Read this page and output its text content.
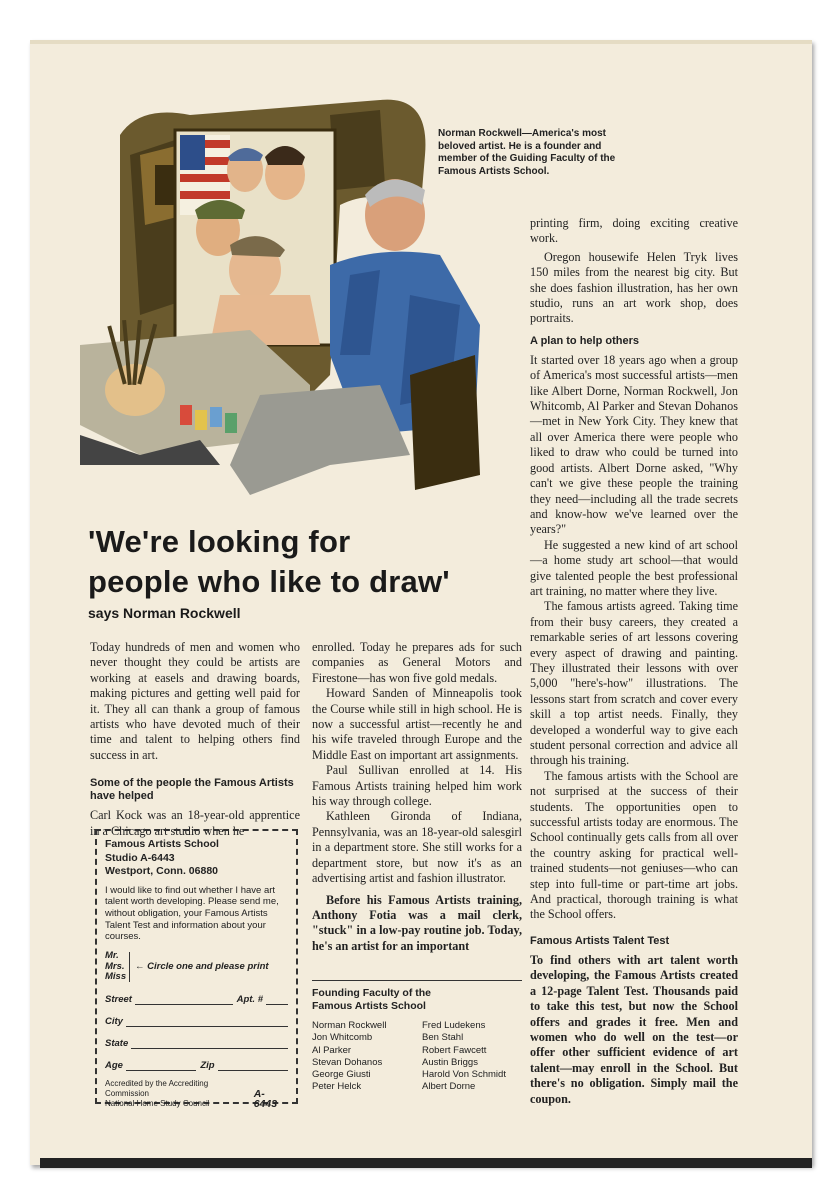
Norman Rockwell—America's most beloved artist. He is a founder and member of the Guiding Faculty of the Famous Artists School.
'We're looking for
people who like to draw'
says Norman Rockwell

Today hundreds of men and women who never thought they could be artists are working at easels and drawing boards, making pictures and getting well paid for it. They all can thank a group of famous artists who have devoted much of their time and talent to helping others find success in art.

Some of the people the Famous Artists have helped

Carl Kock was an 18-year-old apprentice in a Chicago art studio when he

Famous Artists School
Studio A-6443
Westport, Conn. 06880
I would like to find out whether I have art talent worth developing. Please send me, without obligation, your Famous Artists Talent Test and information about your courses.
Mr.
Mrs.
Miss
← Circle one and please print
Street	Apt. #
City
State
Age	Zip
Accredited by the Accrediting Commission
National Home Study Council
A-6443

enrolled. Today he prepares ads for such companies as General Motors and Firestone—has won five gold medals.

Howard Sanden of Minneapolis took the Course while still in high school. He is now a successful artist—recently he and his wife traveled through Europe and the Middle East on important art assignments.

Paul Sullivan enrolled at 14. His Famous Artists training helped him work his way through college.

Kathleen Gironda of Indiana, Pennsylvania, was an 18-year-old salesgirl in a department store. She still works for a department store, but now it's as an advertising artist and fashion illustrator.

Before his Famous Artists training, Anthony Fotia was a mail clerk, "stuck" in a low-pay routine job. Today, he's an artist for an important

Founding Faculty of the
Famous Artists School
Norman Rockwell	Fred Ludekens
Jon Whitcomb	Ben Stahl
Al Parker	Robert Fawcett
Stevan Dohanos	Austin Briggs
George Giusti	Harold Von Schmidt
Peter Helck	Albert Dorne

printing firm, doing exciting creative work.

Oregon housewife Helen Tryk lives 150 miles from the nearest big city. But she does fashion illustration, has her own studio, runs an art work shop, does portraits.

A plan to help others

It started over 18 years ago when a group of America's most successful artists—men like Albert Dorne, Norman Rockwell, Jon Whitcomb, Al Parker and Stevan Dohanos—met in New York City. They knew that all over America there were people who liked to draw who could be turned into good artists. Albert Dorne asked, "Why can't we give these people the training they need—including all the trade secrets and know-how we've learned over the years?"

He suggested a new kind of art school—a home study art school—that would give talented people the best professional art training, no matter where they live.

The famous artists agreed. Taking time from their busy careers, they created a remarkable series of art lessons covering every aspect of drawing and painting. They illustrated their lessons with over 5,000 "here's-how" illustrations. The lessons start from scratch and cover every skill a top artist needs. Finally, they developed a wonderful way to give each student personal correction and advice all through his training.

The famous artists with the School are not surprised at the success of their students. The opportunities open to successful artists today are enormous. The School continually gets calls from all over the country asking for practical well-trained students—not geniuses—who can step into full-time or part-time art jobs. And practical, thorough training is what the School offers.

Famous Artists Talent Test

To find others with art talent worth developing, the Famous Artists created a 12-page Talent Test. Thousands paid to take this test, but now the School offers and grades it free. Men and women who do well on the test—or offer other sufficient evidence of art talent—may enroll in the School. But there's no obligation. Simply mail the coupon.
